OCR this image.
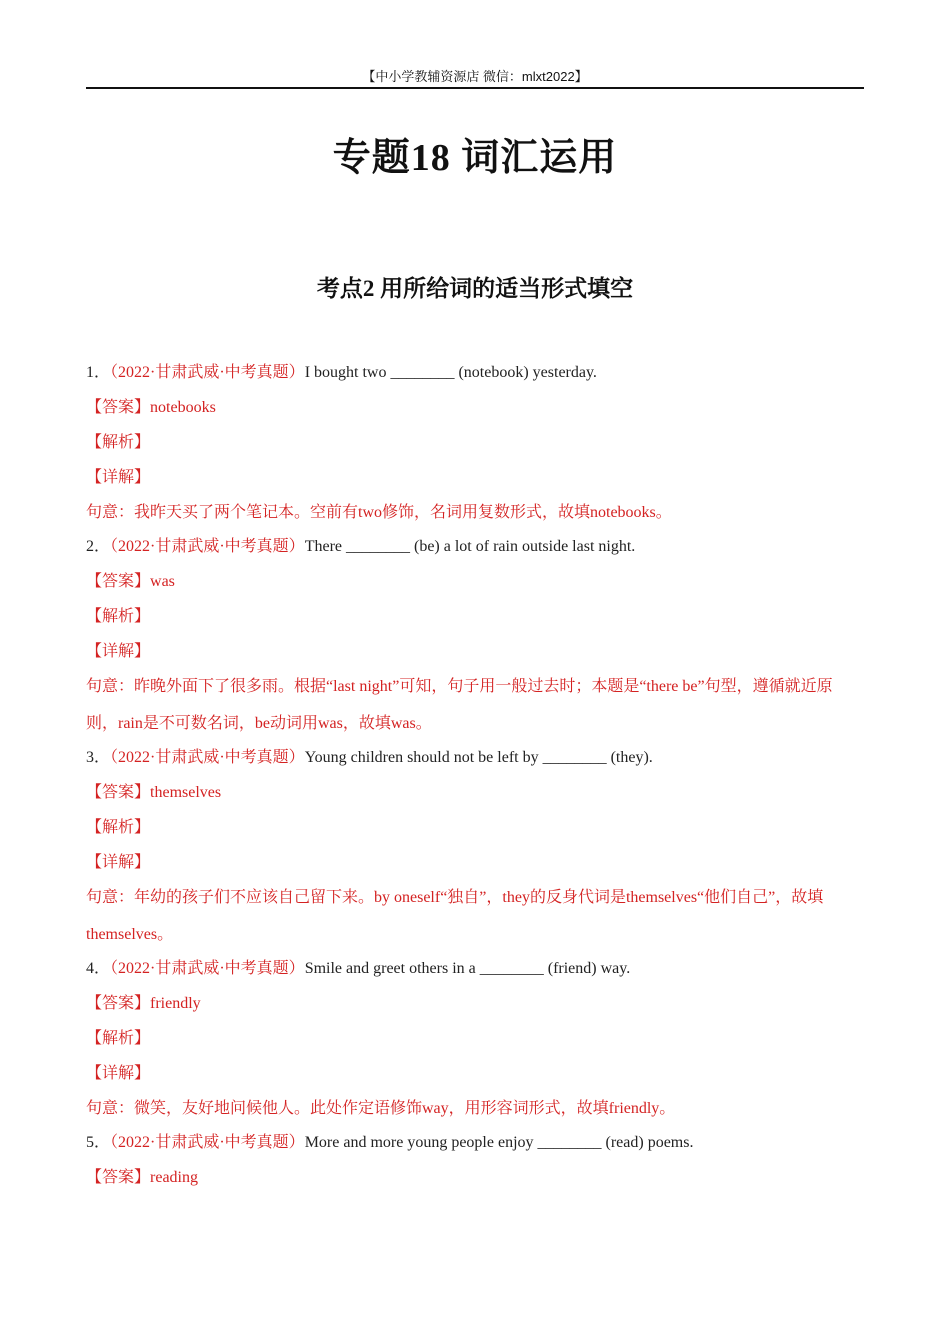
【中小学教辅资源店 微信：mlxt2022】
专题18 词汇运用
考点2 用所给词的适当形式填空
1．（2022·甘肃武威·中考真题）I bought two ________ (notebook) yesterday.
【答案】notebooks
【解析】
【详解】
句意：我昨天买了两个笔记本。空前有two修饰，名词用复数形式，故填notebooks。
2．（2022·甘肃武威·中考真题）There ________ (be) a lot of rain outside last night.
【答案】was
【解析】
【详解】
句意：昨晚外面下了很多雨。根据“last night”可知，句子用一般过去时；本题是“there be”句型，遵循就近原则，rain是不可数名词，be动词用was，故填was。
3．（2022·甘肃武威·中考真题）Young children should not be left by ________ (they).
【答案】themselves
【解析】
【详解】
句意：年幼的孩子们不应该自己留下来。by oneself“独自”，they的反身代词是themselves“他们自己”，故填themselves。
4．（2022·甘肃武威·中考真题）Smile and greet others in a ________ (friend) way.
【答案】friendly
【解析】
【详解】
句意：微笑，友好地问候他人。此处作定语修饰way，用形容词形式，故填friendly。
5．（2022·甘肃武威·中考真题）More and more young people enjoy ________ (read) poems.
【答案】reading
